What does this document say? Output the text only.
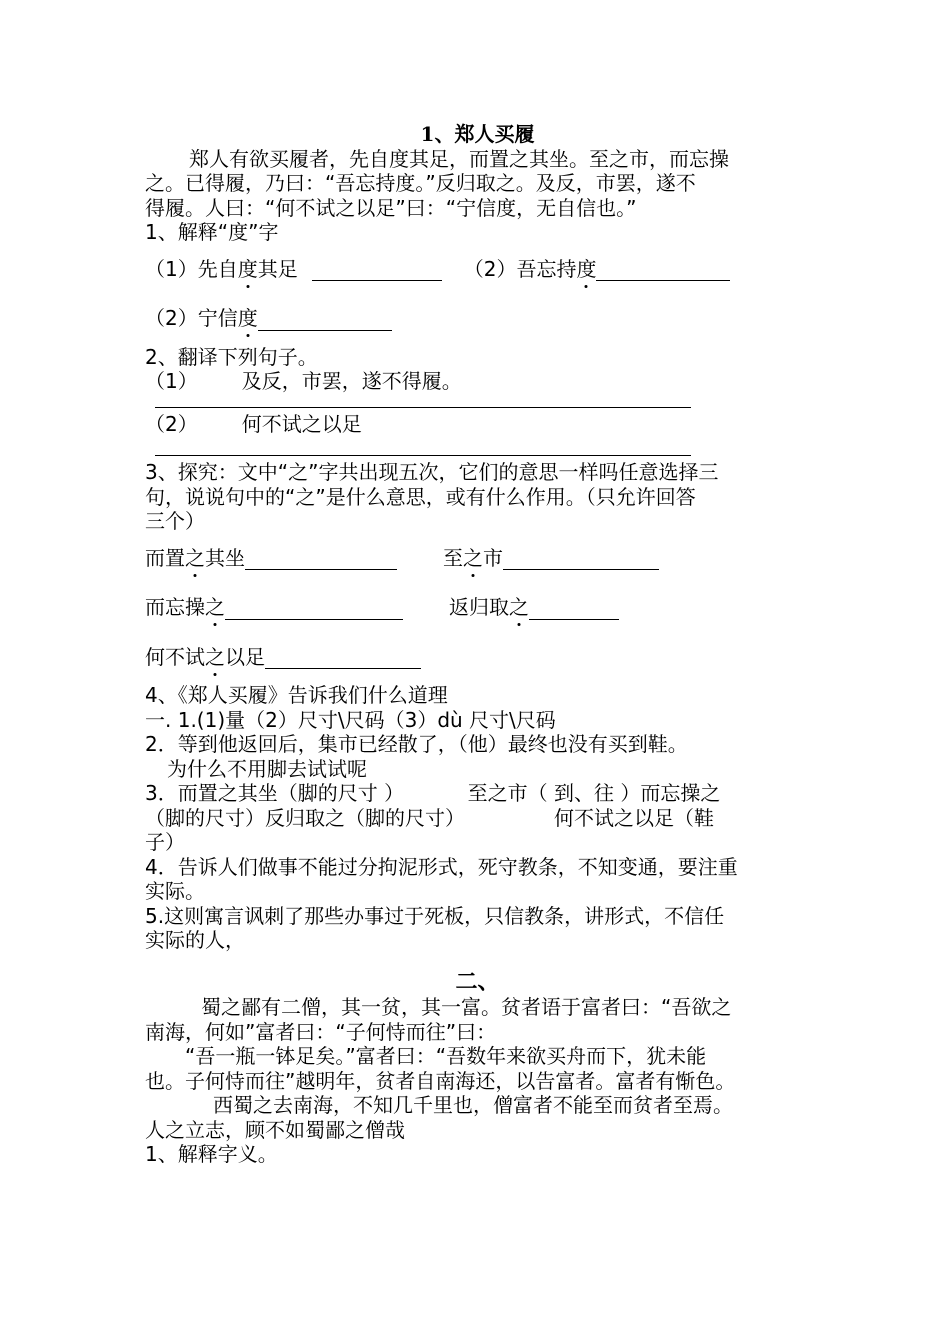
1、郑人买履
郑人有欲买履者，先自度其足，而置之其坐。至之市，而忘操
之。已得履，乃曰：“吾忘持度。”反归取之。及反，市罢，遂不
得履。人曰：“何不试之以足”曰：“宁信度，无自信也。”
1、解释“度”字
（1）先自度其足	（2）吾忘持度
（2）宁信度
2、翻译下列句子。
（1） 及反，市罢，遂不得履。
（2） 何不试之以足
3、探究：文中“之”字共出现五次，它们的意思一样吗任意选择三
句，说说句中的“之”是什么意思，或有什么作用。（只允许回答
三个）
而置之其坐	至之市
而忘操之	返归取之
何不试之以足
4、《郑人买履》告诉我们什么道理
一. 1.(1)量（2）尺寸\尺码（3）dù 尺寸\尺码
2．等到他返回后，集市已经散了，（他）最终也没有买到鞋。
为什么不用脚去试试呢
3．而置之其坐（脚的尺寸 ）          至之市（ 到、往 ）而忘操之
（脚的尺寸）反归取之（脚的尺寸）              何不试之以足（鞋
子）
4．告诉人们做事不能过分拘泥形式，死守教条，不知变通，要注重
实际。
5.这则寓言讽刺了那些办事过于死板，只信教条，讲形式，不信任
实际的人，
二、
蜀之鄙有二僧，其一贫，其一富。贫者语于富者曰：“吾欲之
南海，何如”富者曰：“子何恃而往”曰：
“吾一瓶一钵足矣。”富者曰：“吾数年来欲买舟而下，犹未能
也。子何恃而往”越明年，贫者自南海还，以告富者。富者有惭色。
西蜀之去南海，不知几千里也，僧富者不能至而贫者至焉。
人之立志，顾不如蜀鄙之僧哉
1、解释字义。
